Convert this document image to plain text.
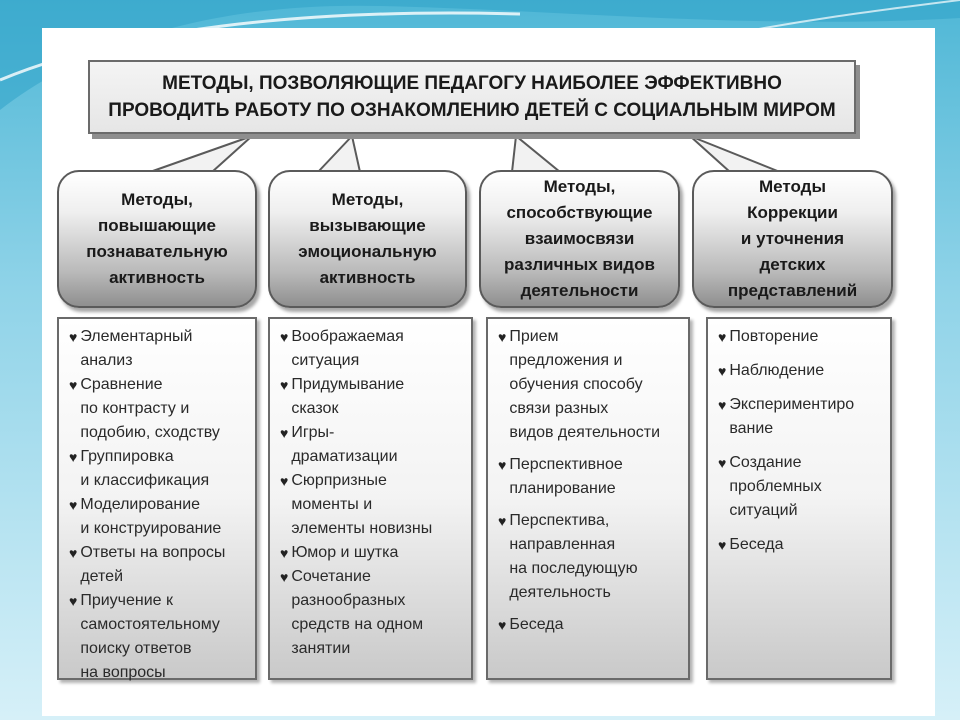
МЕТОДЫ, ПОЗВОЛЯЮЩИЕ ПЕДАГОГУ НАИБОЛЕЕ ЭФФЕКТИВНО
ПРОВОДИТЬ РАБОТУ ПО ОЗНАКОМЛЕНИЮ ДЕТЕЙ С СОЦИАЛЬНЫМ МИРОМ
Методы,
повышающие
познавательную
активность
Методы,
вызывающие
эмоциональную
активность
Методы,
способствующие
взаимосвязи
различных видов
деятельности
Методы
Коррекции
и уточнения
детских
представлений
♥ Элементарный
анализ
♥ Сравнение
по контрасту и
подобию, сходству
♥ Группировка
и классификация
♥ Моделирование
и конструирование
♥ Ответы на вопросы
детей
♥ Приучение к
самостоятельному
поиску ответов
на вопросы
♥ Воображаемая
ситуация
♥ Придумывание
сказок
♥ Игры-
драматизации
♥ Сюрпризные
моменты и
элементы новизны
♥ Юмор и шутка
♥ Сочетание
разнообразных
средств на одном
занятии
♥ Прием
предложения и
обучения способу
связи разных
видов деятельности
♥ Перспективное
планирование
♥ Перспектива,
направленная
на последующую
деятельность
♥ Беседа
♥ Повторение
♥ Наблюдение
♥ Экспериментиро
вание
♥ Создание
проблемных
ситуаций
♥ Беседа
